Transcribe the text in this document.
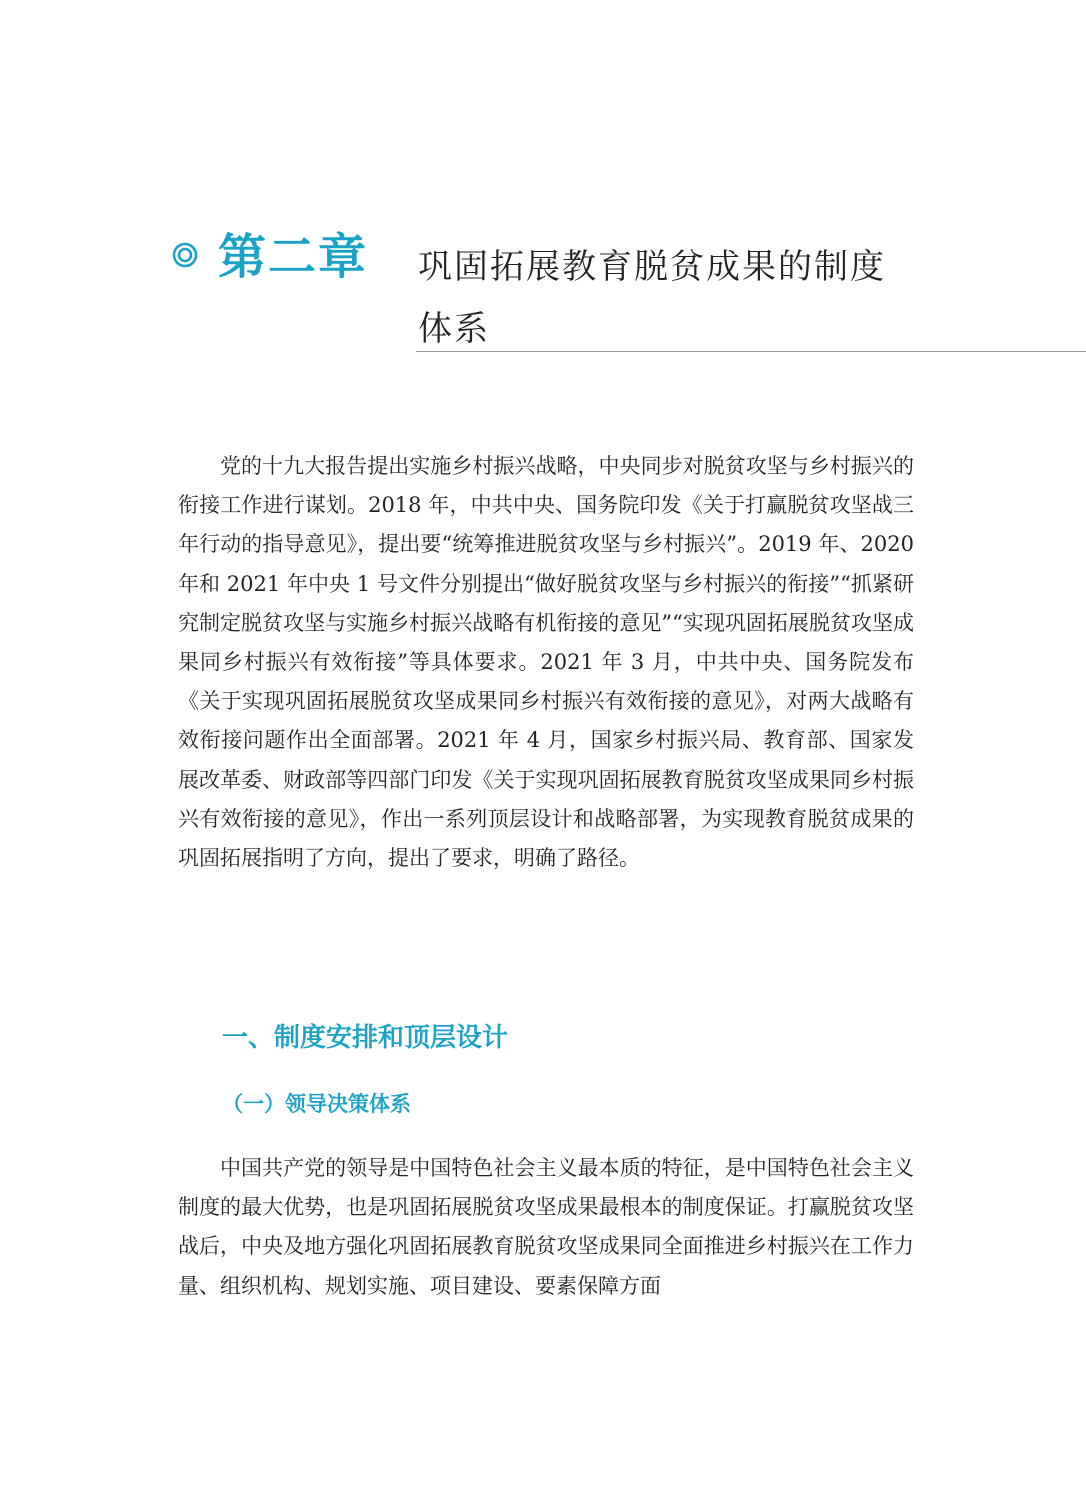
第二章 巩固拓展教育脱贫成果的制度体系

党的十九大报告提出实施乡村振兴战略，中央同步对脱贫攻坚与乡村振兴的衔接工作进行谋划。2018 年，中共中央、国务院印发《关于打赢脱贫攻坚战三年行动的指导意见》，提出要“统筹推进脱贫攻坚与乡村振兴”。2019 年、2020 年和 2021 年中央 1 号文件分别提出“做好脱贫攻坚与乡村振兴的衔接”“抓紧研究制定脱贫攻坚与实施乡村振兴战略有机衔接的意见”“实现巩固拓展脱贫攻坚成果同乡村振兴有效衔接”等具体要求。2021 年 3 月，中共中央、国务院发布《关于实现巩固拓展脱贫攻坚成果同乡村振兴有效衔接的意见》，对两大战略有效衔接问题作出全面部署。2021 年 4 月，国家乡村振兴局、教育部、国家发展改革委、财政部等四部门印发《关于实现巩固拓展教育脱贫攻坚成果同乡村振兴有效衔接的意见》，作出一系列顶层设计和战略部署，为实现教育脱贫成果的巩固拓展指明了方向，提出了要求，明确了路径。

一、制度安排和顶层设计
（一）领导决策体系

中国共产党的领导是中国特色社会主义最本质的特征，是中国特色社会主义制度的最大优势，也是巩固拓展脱贫攻坚成果最根本的制度保证。打赢脱贫攻坚战后，中央及地方强化巩固拓展教育脱贫攻坚成果同全面推进乡村振兴在工作力量、组织机构、规划实施、项目建设、要素保障方面
